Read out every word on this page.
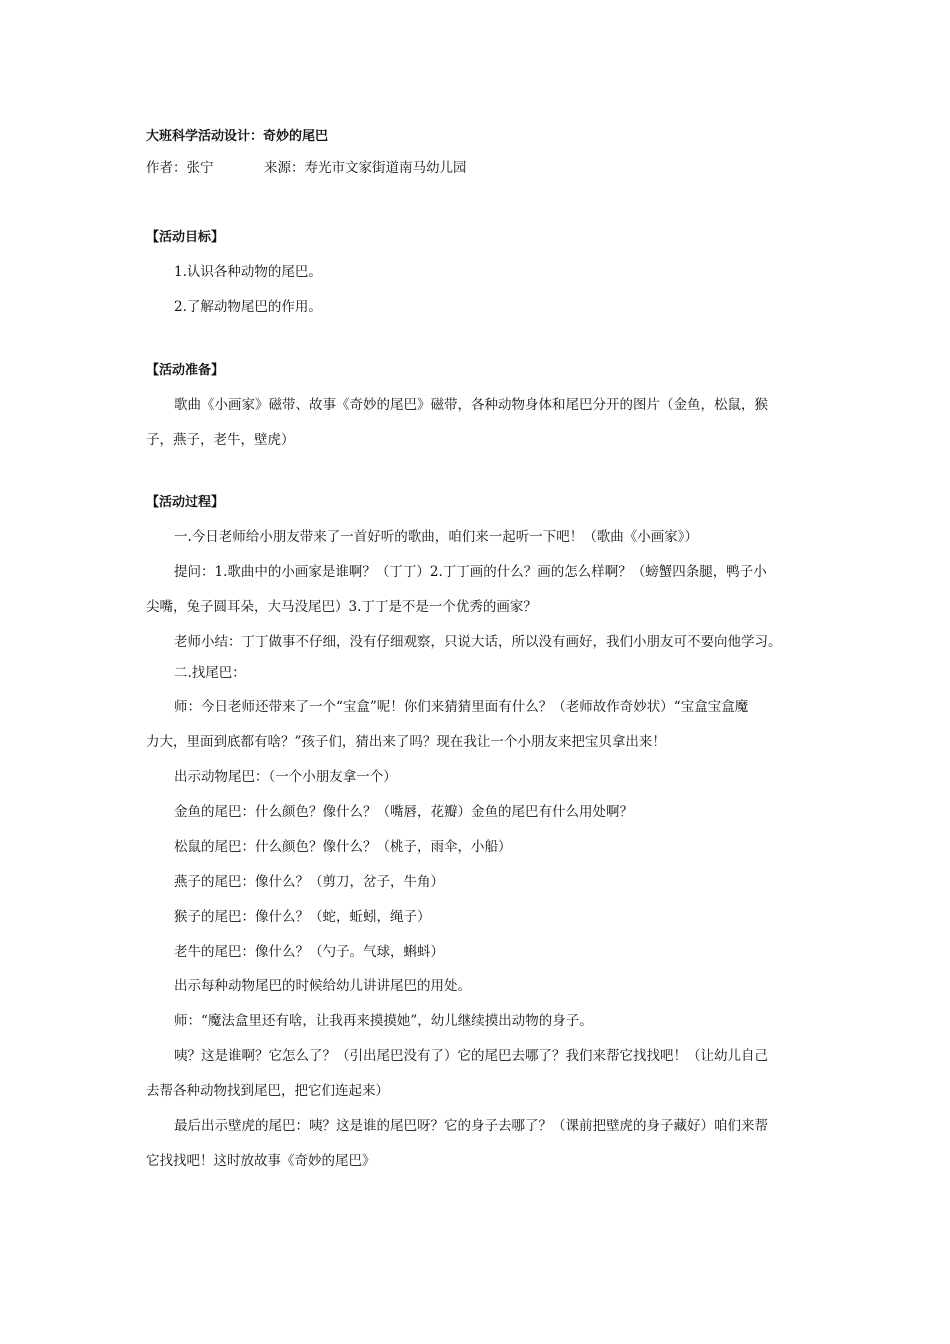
大班科学活动设计：奇妙的尾巴
作者：张宁	来源：寿光市文家街道南马幼儿园
【活动目标】
1.认识各种动物的尾巴。
2.了解动物尾巴的作用。
【活动准备】
歌曲《小画家》磁带、故事《奇妙的尾巴》磁带，各种动物身体和尾巴分开的图片（金鱼，松鼠，猴
子，燕子，老牛，壁虎）
【活动过程】
一.今日老师给小朋友带来了一首好听的歌曲，咱们来一起听一下吧！（歌曲《小画家》）
提问：1.歌曲中的小画家是谁啊？（丁丁）2.丁丁画的什么？画的怎么样啊？（螃蟹四条腿，鸭子小
尖嘴，兔子圆耳朵，大马没尾巴）3.丁丁是不是一个优秀的画家？
老师小结：丁丁做事不仔细，没有仔细观察，只说大话，所以没有画好，我们小朋友可不要向他学习。
二.找尾巴：
师：今日老师还带来了一个“宝盒”呢！你们来猜猜里面有什么？（老师故作奇妙状）“宝盒宝盒魔
力大，里面到底都有啥？”孩子们，猜出来了吗？现在我让一个小朋友来把宝贝拿出来！
出示动物尾巴：（一个小朋友拿一个）
金鱼的尾巴：什么颜色？像什么？（嘴唇，花瓣）金鱼的尾巴有什么用处啊？
松鼠的尾巴：什么颜色？像什么？（桃子，雨伞，小船）
燕子的尾巴：像什么？（剪刀，岔子，牛角）
猴子的尾巴：像什么？（蛇，蚯蚓，绳子）
老牛的尾巴：像什么？（勺子。气球，蝌蚪）
出示每种动物尾巴的时候给幼儿讲讲尾巴的用处。
师：“魔法盒里还有啥，让我再来摸摸她”，幼儿继续摸出动物的身子。
咦？这是谁啊？它怎么了？（引出尾巴没有了）它的尾巴去哪了？我们来帮它找找吧！（让幼儿自己
去帮各种动物找到尾巴，把它们连起来）
最后出示壁虎的尾巴：咦？这是谁的尾巴呀？它的身子去哪了？（课前把壁虎的身子藏好）咱们来帮
它找找吧！这时放故事《奇妙的尾巴》
